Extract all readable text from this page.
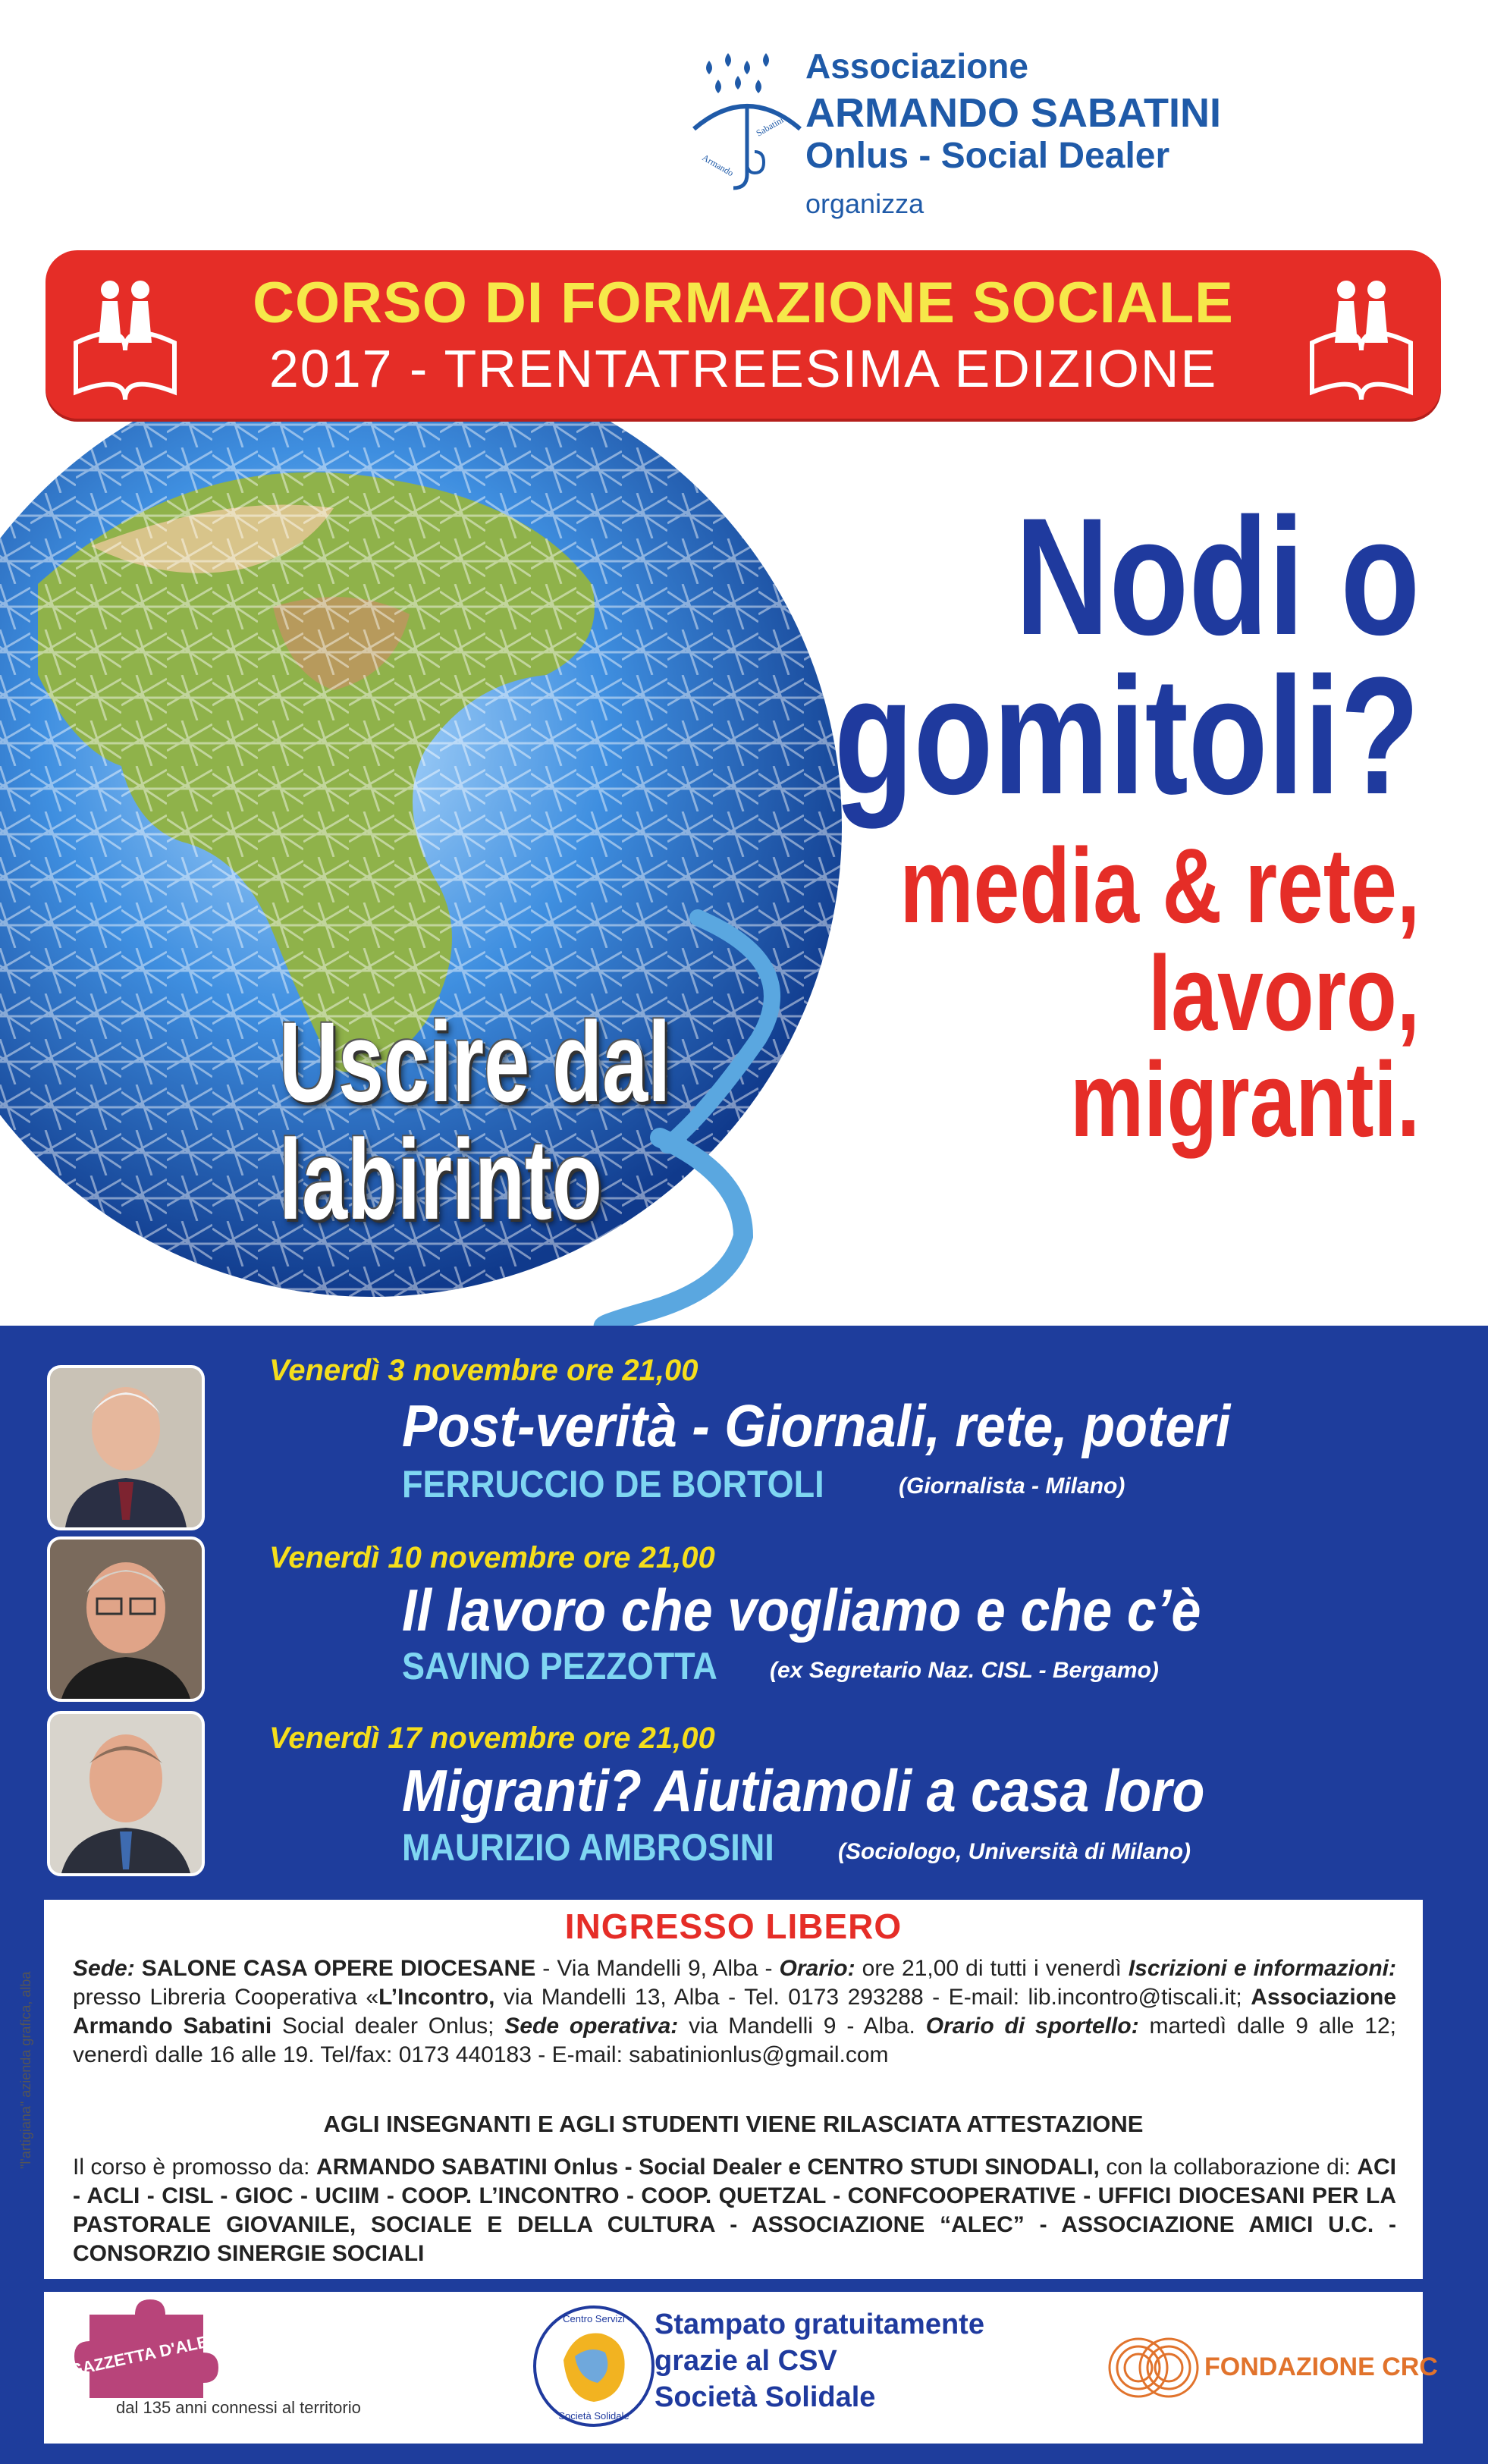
Armando
Sabatini
Associazione
ARMANDO SABATINI
Onlus - Social Dealer
organizza
CORSO DI FORMAZIONE SOCIALE
2017 - TRENTATREESIMA EDIZIONE
Nodi o
gomitoli?
media & rete,
lavoro,
migranti.
Uscire dal
labirinto
Venerdì 3 novembre ore 21,00
Post-verità - Giornali, rete, poteri
FERRUCCIO DE BORTOLI	(Giornalista - Milano)
Venerdì 10 novembre ore 21,00
Il lavoro che vogliamo e che c’è
SAVINO PEZZOTTA (ex Segretario Naz. CISL - Bergamo)
Venerdì 17 novembre ore 21,00
Migranti? Aiutiamoli a casa loro
MAURIZIO AMBROSINI	(Sociologo, Università di Milano)
INGRESSO LIBERO
Sede: SALONE CASA OPERE DIOCESANE - Via Mandelli 9, Alba - Orario: ore 21,00 di tutti i venerdì Iscrizioni e informazioni: presso Libreria Cooperativa «L’Incontro, via Mandelli 13, Alba - Tel. 0173 293288 - E-mail: lib.incontro@tiscali.it; Associazione Armando Sabatini Social dealer Onlus; Sede operativa: via Mandelli 9 - Alba. Orario di sportello: martedì dalle 9 alle 12; venerdì dalle 16 alle 19. Tel/fax: 0173 440183 - E-mail: sabatinionlus@gmail.com
AGLI INSEGNANTI E AGLI STUDENTI VIENE RILASCIATA ATTESTAZIONE
Il corso è promosso da: ARMANDO SABATINI Onlus - Social Dealer e CENTRO STUDI SINODALI, con la collaborazione di: ACI - ACLI - CISL - GIOC - UCIIM - COOP. L’INCONTRO - COOP. QUETZAL - CONFCOOPERATIVE - UFFICI DIOCESANI PER LA PASTORALE GIOVANILE, SOCIALE E DELLA CULTURA - ASSOCIAZIONE “ALEC” - ASSOCIAZIONE AMICI U.C. - CONSORZIO SINERGIE SOCIALI
GAZZETTA D'ALBA
dal 135 anni connessi al territorio
Centro Servizi
Società Solidale
Stampato gratuitamente
grazie al CSV
Società Solidale
FONDAZIONE CRC
"l'artigiana" azienda grafica, alba
